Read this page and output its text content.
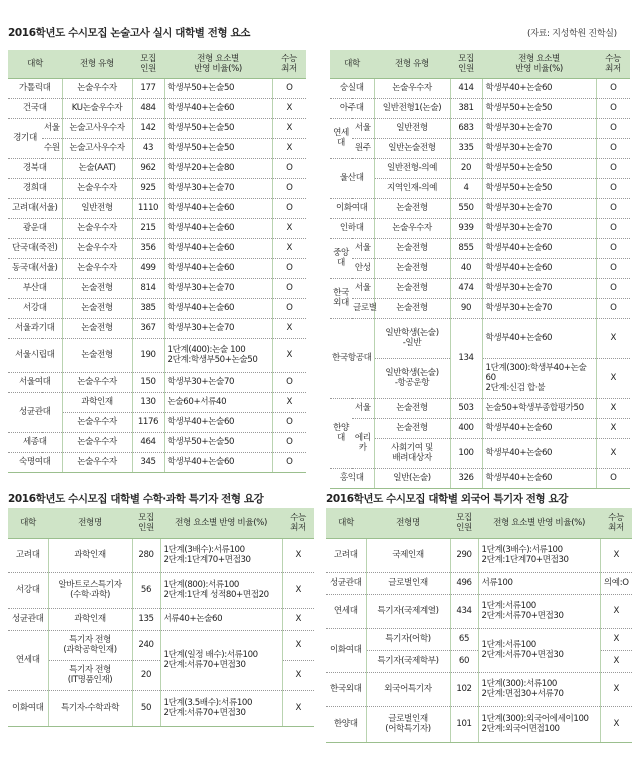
2016학년도 수시모집 논술고사 실시 대학별 전형 요소	(자료: 지성학원 진학실)
대학		전형 유형	모집
인원	전형 요소별
반영 비율(%)	수능
최저
가톨릭대		논술우수자	177	학생부50+논술50	O
건국대		KU논술우수자	484	학생부40+논술60	X
경기대	서울	논술고사우수자	142	학생부50+논술50	X
	수원	논술고사우수자	43	학생부50+논술50	X
경북대		논술(AAT)	962	학생부20+논술80	O
경희대		논술우수자	925	학생부30+논술70	O
고려대(서울)		일반전형	1110	학생부40+논술60	O
광운대		논술우수자	215	학생부40+논술60	X
단국대(죽전)		논술우수자	356	학생부40+논술60	X
동국대(서울)		논술우수자	499	학생부40+논술60	O
부산대		논술전형	814	학생부30+논술70	O
서강대		논술전형	385	학생부40+논술60	O
서울과기대		논술전형	367	학생부30+논술70	X
서울시립대		논술전형	190	1단계(400):논술 100
2단계:학생부50+논술50	X
서울여대		논술우수자	150	학생부30+논술70	O
성균관대		과학인재	130	논술60+서류40	X
		논술우수자	1176	학생부40+논술60	O
세종대		논술우수자	464	학생부50+논술50	O
숙명여대		논술우수자	345	학생부40+논술60	O
대학		전형 유형	모집
인원	전형 요소별
반영 비율(%)	수능
최저
숭실대		논술우수자	414	학생부40+논술60	O
아주대		일반전형1(논술)	381	학생부50+논술50	O
연세대	서울	일반전형	683	학생부30+논술70	O
	원주	일반논술전형	335	학생부30+논술70	O
울산대		일반전형-의예	20	학생부50+논술50	O
		지역인재-의예	4	학생부50+논술50	O
이화여대		논술전형	550	학생부30+논술70	O
인하대		논술우수자	939	학생부30+논술70	O
중앙대	서울	논술전형	855	학생부40+논술60	O
	안성	논술전형	40	학생부40+논술60	O
한국외대	서울	논술전형	474	학생부30+논술70	O
	글로벌	논술전형	90	학생부30+논술70	O
한국항공대		일반학생(논술)
-일반	134	학생부40+논술60	X
		일반학생(논술)
-항공운항		1단계(300):학생부40+논술60
2단계:신검 합·불	X
한양대	서울	논술전형	503	논술50+학생부종합평가50	X
	에리카	논술전형	400	학생부40+논술60	X
		사회기여 및
배려대상자	100	학생부40+논술60	X
홍익대		일반(논술)	326	학생부40+논술60	O
2016학년도 수시모집 대학별 수학·과학 특기자 전형 요강
대학	전형명	모집
인원	전형 요소별 반영 비율(%)	수능
최저
고려대	과학인재	280	1단계(3배수):서류100
2단계:1단계70+면접30	X
서강대	알바트로스특기자
(수학·과학)	56	1단계(800):서류100
2단계:1단계 성적80+면접20	X
성균관대	과학인재	135	서류40+논술60	X
연세대	특기자 전형
(과학공학인재)	240	1단계(일정 배수):서류100
2단계:서류70+면접30	X
	특기자 전형
(IT명품인재)	20		X
이화여대	특기자-수학과학	50	1단계(3.5배수):서류100
2단계:서류70+면접30	X
2016학년도 수시모집 대학별 외국어 특기자 전형 요강
대학	전형명	모집
인원	전형 요소별 반영 비율(%)	수능
최저
고려대	국제인재	290	1단계(3배수):서류100
2단계:1단계70+면접30	X
성균관대	글로벌인재	496	서류100	의예:O
연세대	특기자(국제계열)	434	1단계:서류100
2단계:서류70+면접30	X
이화여대	특기자(어학)	65	1단계:서류100
2단계:서류70+면접30	X
	특기자(국제학부)	60		X
한국외대	외국어특기자	102	1단계(300):서류100
2단계:면접30+서류70	X
한양대	글로벌인재
(어학특기자)	101	1단계(300):외국어에세이100
2단계:외국어면접100	X
